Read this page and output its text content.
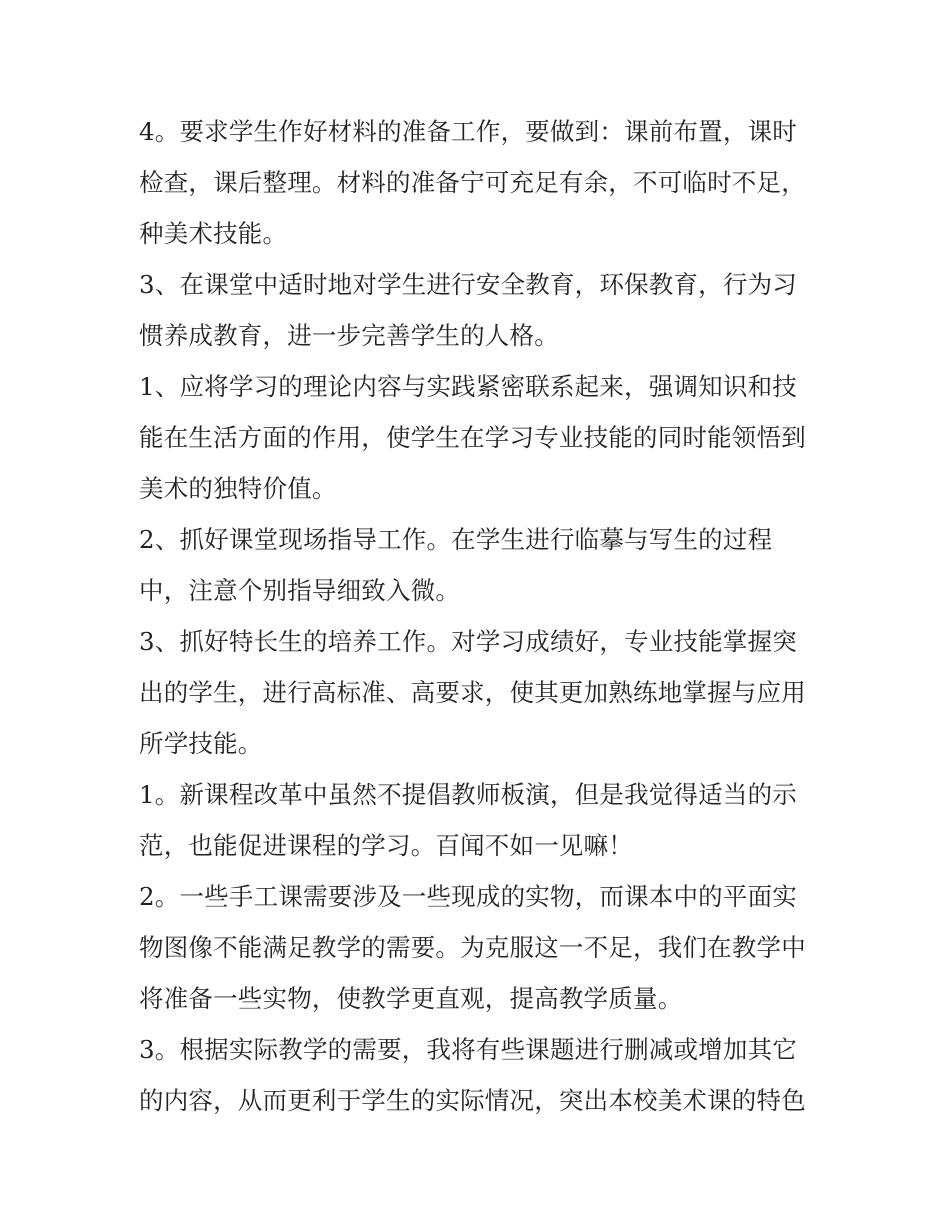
4。要求学生作好材料的准备工作，要做到：课前布置，课时
检查，课后整理。材料的准备宁可充足有余，不可临时不足，
种美术技能。
3、在课堂中适时地对学生进行安全教育，环保教育，行为习
惯养成教育，进一步完善学生的人格。
1、应将学习的理论内容与实践紧密联系起来，强调知识和技
能在生活方面的作用，使学生在学习专业技能的同时能领悟到
美术的独特价值。
2、抓好课堂现场指导工作。在学生进行临摹与写生的过程
中，注意个别指导细致入微。
3、抓好特长生的培养工作。对学习成绩好，专业技能掌握突
出的学生，进行高标准、高要求，使其更加熟练地掌握与应用
所学技能。
1。新课程改革中虽然不提倡教师板演，但是我觉得适当的示
范，也能促进课程的学习。百闻不如一见嘛！
2。一些手工课需要涉及一些现成的实物，而课本中的平面实
物图像不能满足教学的需要。为克服这一不足，我们在教学中
将准备一些实物，使教学更直观，提高教学质量。
3。根据实际教学的需要，我将有些课题进行删减或增加其它
的内容，从而更利于学生的实际情况，突出本校美术课的特色
